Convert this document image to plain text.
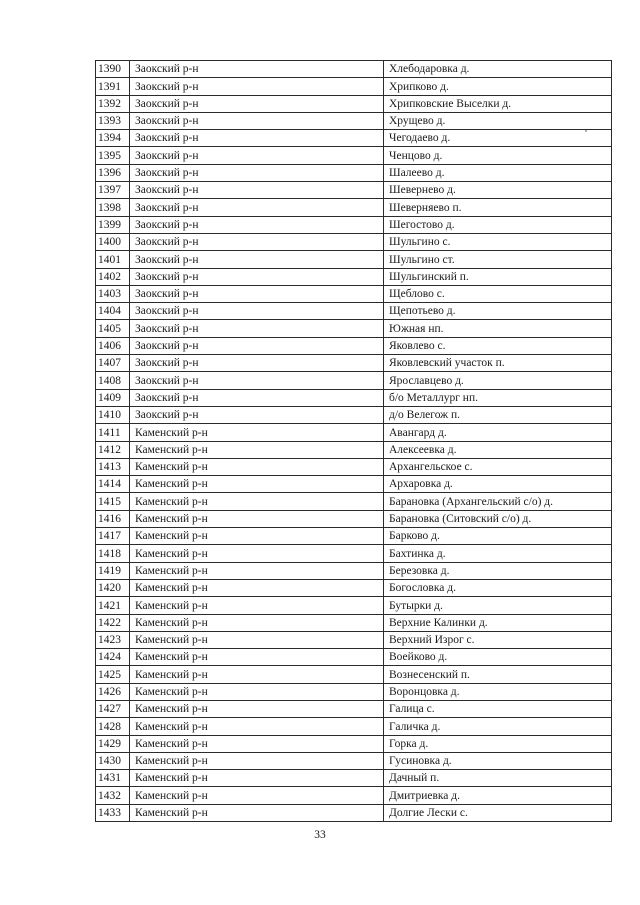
1390	Заокский р-н	Хлебодаровка д.
1391	Заокский р-н	Хрипково д.
1392	Заокский р-н	Хрипковские Выселки д.
1393	Заокский р-н	Хрущево д.
1394	Заокский р-н	Чегодаево д.
1395	Заокский р-н	Ченцово д.
1396	Заокский р-н	Шалеево д.
1397	Заокский р-н	Шевернево д.
1398	Заокский р-н	Шеверняево п.
1399	Заокский р-н	Шегостово д.
1400	Заокский р-н	Шульгино с.
1401	Заокский р-н	Шульгино ст.
1402	Заокский р-н	Шульгинский п.
1403	Заокский р-н	Щеблово с.
1404	Заокский р-н	Щепотьево д.
1405	Заокский р-н	Южная нп.
1406	Заокский р-н	Яковлево с.
1407	Заокский р-н	Яковлевский участок п.
1408	Заокский р-н	Ярославцево д.
1409	Заокский р-н	б/о Металлург нп.
1410	Заокский р-н	д/о Велегож п.
1411	Каменский р-н	Авангард д.
1412	Каменский р-н	Алексеевка д.
1413	Каменский р-н	Архангельское с.
1414	Каменский р-н	Архаровка д.
1415	Каменский р-н	Барановка (Архангельский с/о) д.
1416	Каменский р-н	Барановка (Ситовский с/о) д.
1417	Каменский р-н	Барково д.
1418	Каменский р-н	Бахтинка д.
1419	Каменский р-н	Березовка д.
1420	Каменский р-н	Богословка д.
1421	Каменский р-н	Бутырки д.
1422	Каменский р-н	Верхние Калинки д.
1423	Каменский р-н	Верхний Изрог с.
1424	Каменский р-н	Воейково д.
1425	Каменский р-н	Вознесенский п.
1426	Каменский р-н	Воронцовка д.
1427	Каменский р-н	Галица с.
1428	Каменский р-н	Галичка д.
1429	Каменский р-н	Горка д.
1430	Каменский р-н	Гусиновка д.
1431	Каменский р-н	Дачный п.
1432	Каменский р-н	Дмитриевка д.
1433	Каменский р-н	Долгие Лески с.
33
